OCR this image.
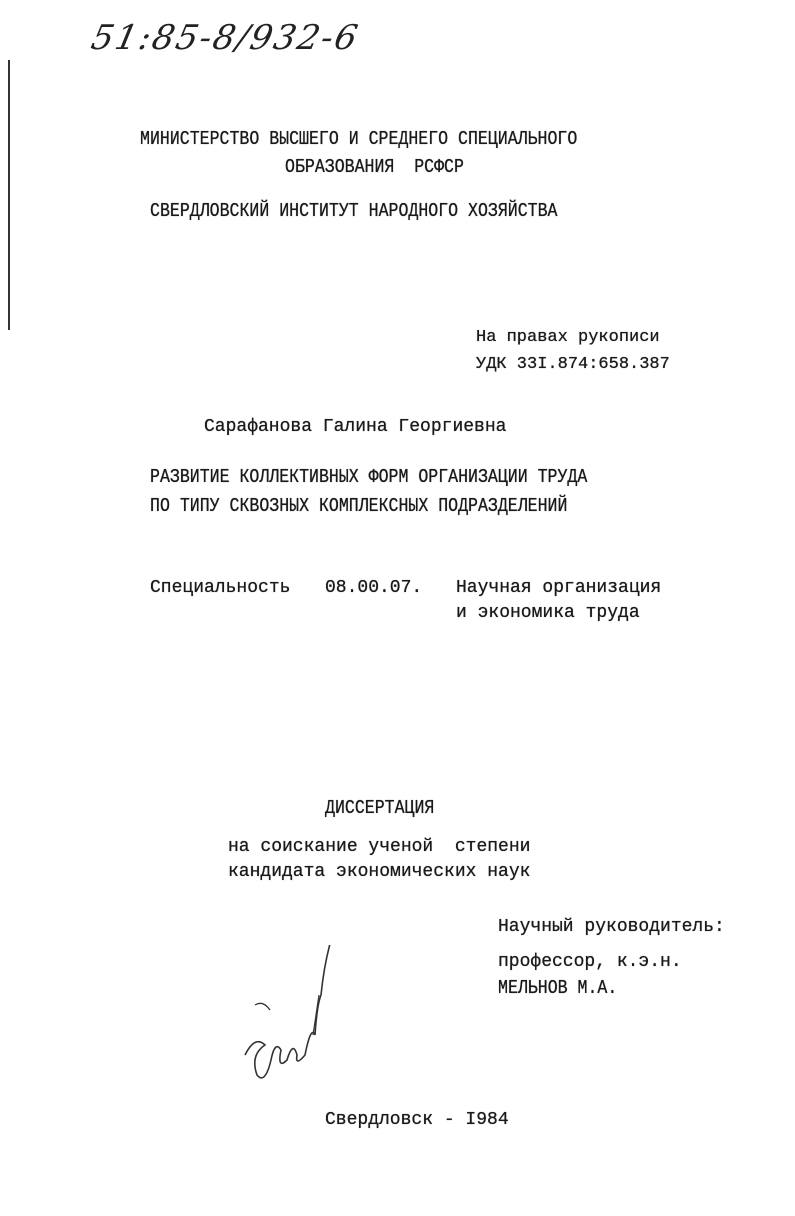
51:85-8/932-6
МИНИСТЕРСТВО ВЫСШЕГО И СРЕДНЕГО СПЕЦИАЛЬНОГО
ОБРАЗОВАНИЯ  РСФСР
СВЕРДЛОВСКИЙ ИНСТИТУТ НАРОДНОГО ХОЗЯЙСТВА
На правах рукописи
УДК 33I.874:658.387
Сарафанова Галина Георгиевна
РАЗВИТИЕ КОЛЛЕКТИВНЫХ ФОРМ ОРГАНИЗАЦИИ ТРУДА
ПО ТИПУ СКВОЗНЫХ КОМПЛЕКСНЫХ ПОДРАЗДЕЛЕНИЙ
Специальность 08.00.07. Научная организация
и экономика труда
ДИССЕРТАЦИЯ
на соискание ученой  степени
кандидата экономических наук
Научный руководитель:
профессор, к.э.н.
МЕЛЬНОВ М.А.
Свердловск - I984
